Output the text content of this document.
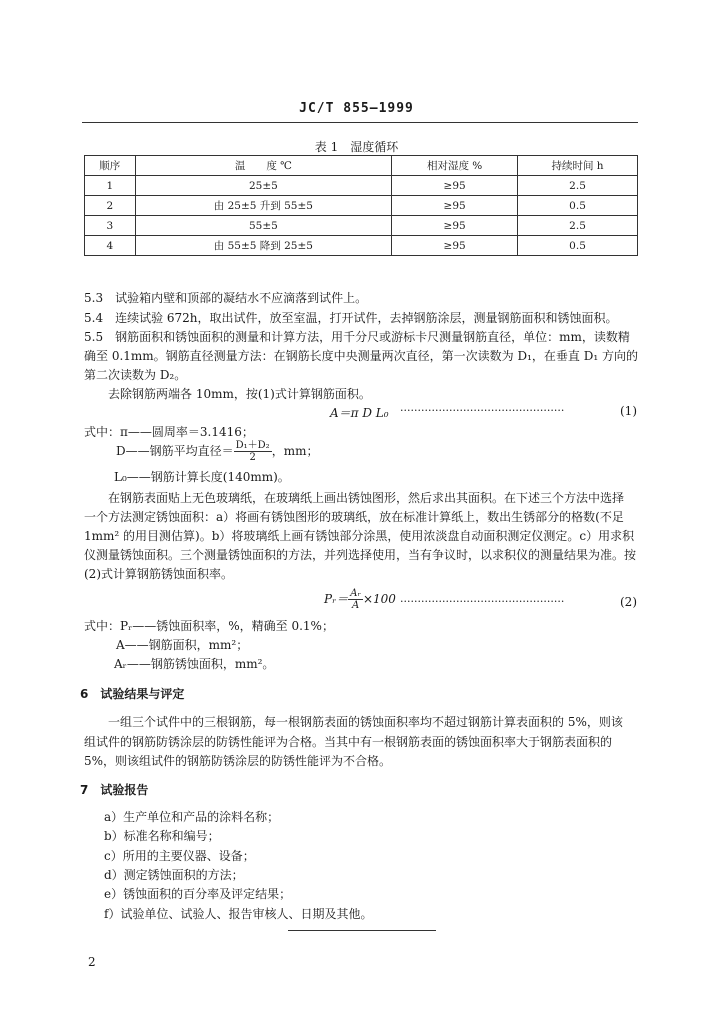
JC/T 855—1999
表 1　湿度循环
顺序	温　　度 ℃	相对湿度 %	持续时间 h
1	25±5	≥95	2.5
2	由 25±5 升到 55±5	≥95	0.5
3	55±5	≥95	2.5
4	由 55±5 降到 25±5	≥95	0.5

5.3　试验箱内壁和顶部的凝结水不应滴落到试件上。

5.4　连续试验 672h，取出试件，放至室温，打开试件，去掉钢筋涂层，测量钢筋面积和锈蚀面积。

5.5　钢筋面积和锈蚀面积的测量和计算方法，用千分尺或游标卡尺测量钢筋直径，单位：mm，读数精

确至 0.1mm。钢筋直径测量方法：在钢筋长度中央测量两次直径，第一次读数为 D₁，在垂直 D₁ 方向的

第二次读数为 D₂。

去除钢筋两端各 10mm，按(1)式计算钢筋面积。

A＝π D L₀ ···············································	(1)

式中：π——圆周率＝3.1416；

D——钢筋平均直径＝ $\frac{\text{D₁＋D₂}}{2}$ ，mm；

L₀——钢筋计算长度(140mm)。

在钢筋表面贴上无色玻璃纸，在玻璃纸上画出锈蚀图形，然后求出其面积。在下述三个方法中选择

一个方法测定锈蚀面积：a）将画有锈蚀图形的玻璃纸，放在标准计算纸上，数出生锈部分的格数(不足

1mm² 的用目测估算)。b）将玻璃纸上画有锈蚀部分涂黑，使用浓淡盘自动面积测定仪测定。c）用求积

仪测量锈蚀面积。三个测量锈蚀面积的方法，并列选择使用，当有争议时，以求积仪的测量结果为准。按

(2)式计算钢筋锈蚀面积率。

Pᵣ＝ $\frac{\text{Aᵣ}}{A} \times 100$ ···············································	(2)

式中：Pᵣ——锈蚀面积率，%，精确至 0.1%；

A——钢筋面积，mm²；

Aᵣ——钢筋锈蚀面积，mm²。

6　试验结果与评定

一组三个试件中的三根钢筋，每一根钢筋表面的锈蚀面积率均不超过钢筋计算表面积的 5%，则该

组试件的钢筋防锈涂层的防锈性能评为合格。当其中有一根钢筋表面的锈蚀面积率大于钢筋表面积的

5%，则该组试件的钢筋防锈涂层的防锈性能评为不合格。

7　试验报告

a）生产单位和产品的涂料名称；

b）标准名称和编号；

c）所用的主要仪器、设备；

d）测定锈蚀面积的方法；

e）锈蚀面积的百分率及评定结果；

f）试验单位、试验人、报告审核人、日期及其他。

2
